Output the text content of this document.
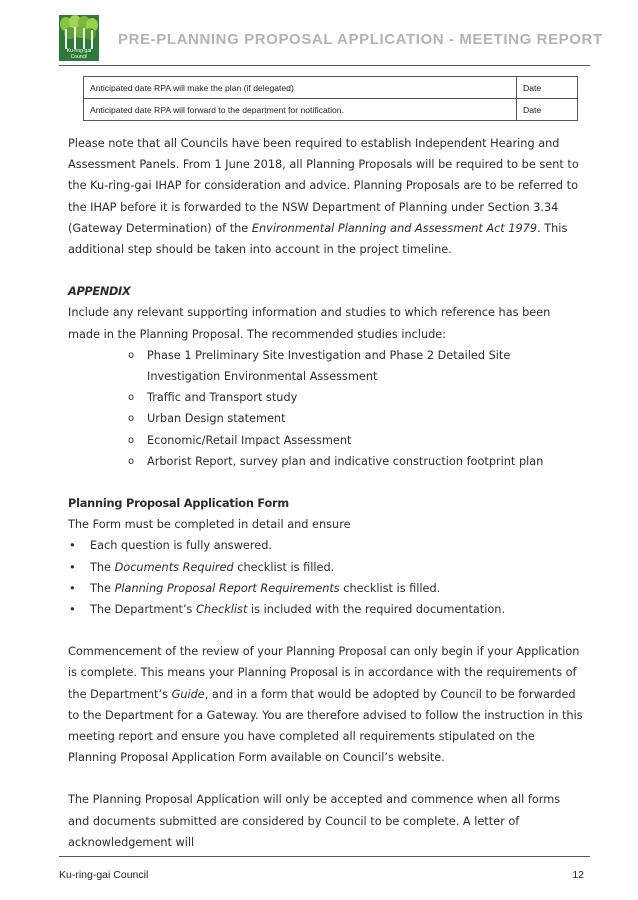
Ku-ring-gai
Council
PRE-PLANNING PROPOSAL APPLICATION - MEETING REPORT
Anticipated date RPA will make the plan (if delegated)	Date
Anticipated date RPA will forward to the department for notification.	Date

Please note that all Councils have been required to establish Independent Hearing and Assessment Panels. From 1 June 2018, all Planning Proposals will be required to be sent to the Ku-ring-gai IHAP for consideration and advice. Planning Proposals are to be referred to the IHAP before it is forwarded to the NSW Department of Planning under Section 3.34 (Gateway Determination) of the Environmental Planning and Assessment Act 1979. This additional step should be taken into account in the project timeline.

APPENDIX

Include any relevant supporting information and studies to which reference has been made in the Planning Proposal. The recommended studies include:

o Phase 1 Preliminary Site Investigation and Phase 2 Detailed Site Investigation Environmental Assessment
o Traffic and Transport study
o Urban Design statement
o Economic/Retail Impact Assessment
o Arborist Report, survey plan and indicative construction footprint plan

Planning Proposal Application Form

The Form must be completed in detail and ensure

• Each question is fully answered.
• The Documents Required checklist is filled.
• The Planning Proposal Report Requirements checklist is filled.
• The Department’s Checklist is included with the required documentation.

Commencement of the review of your Planning Proposal can only begin if your Application is complete. This means your Planning Proposal is in accordance with the requirements of the Department’s Guide, and in a form that would be adopted by Council to be forwarded to the Department for a Gateway. You are therefore advised to follow the instruction in this meeting report and ensure you have completed all requirements stipulated on the Planning Proposal Application Form available on Council’s website.

The Planning Proposal Application will only be accepted and commence when all forms and documents submitted are considered by Council to be complete. A letter of acknowledgement will

Ku-ring-gai Council	12
